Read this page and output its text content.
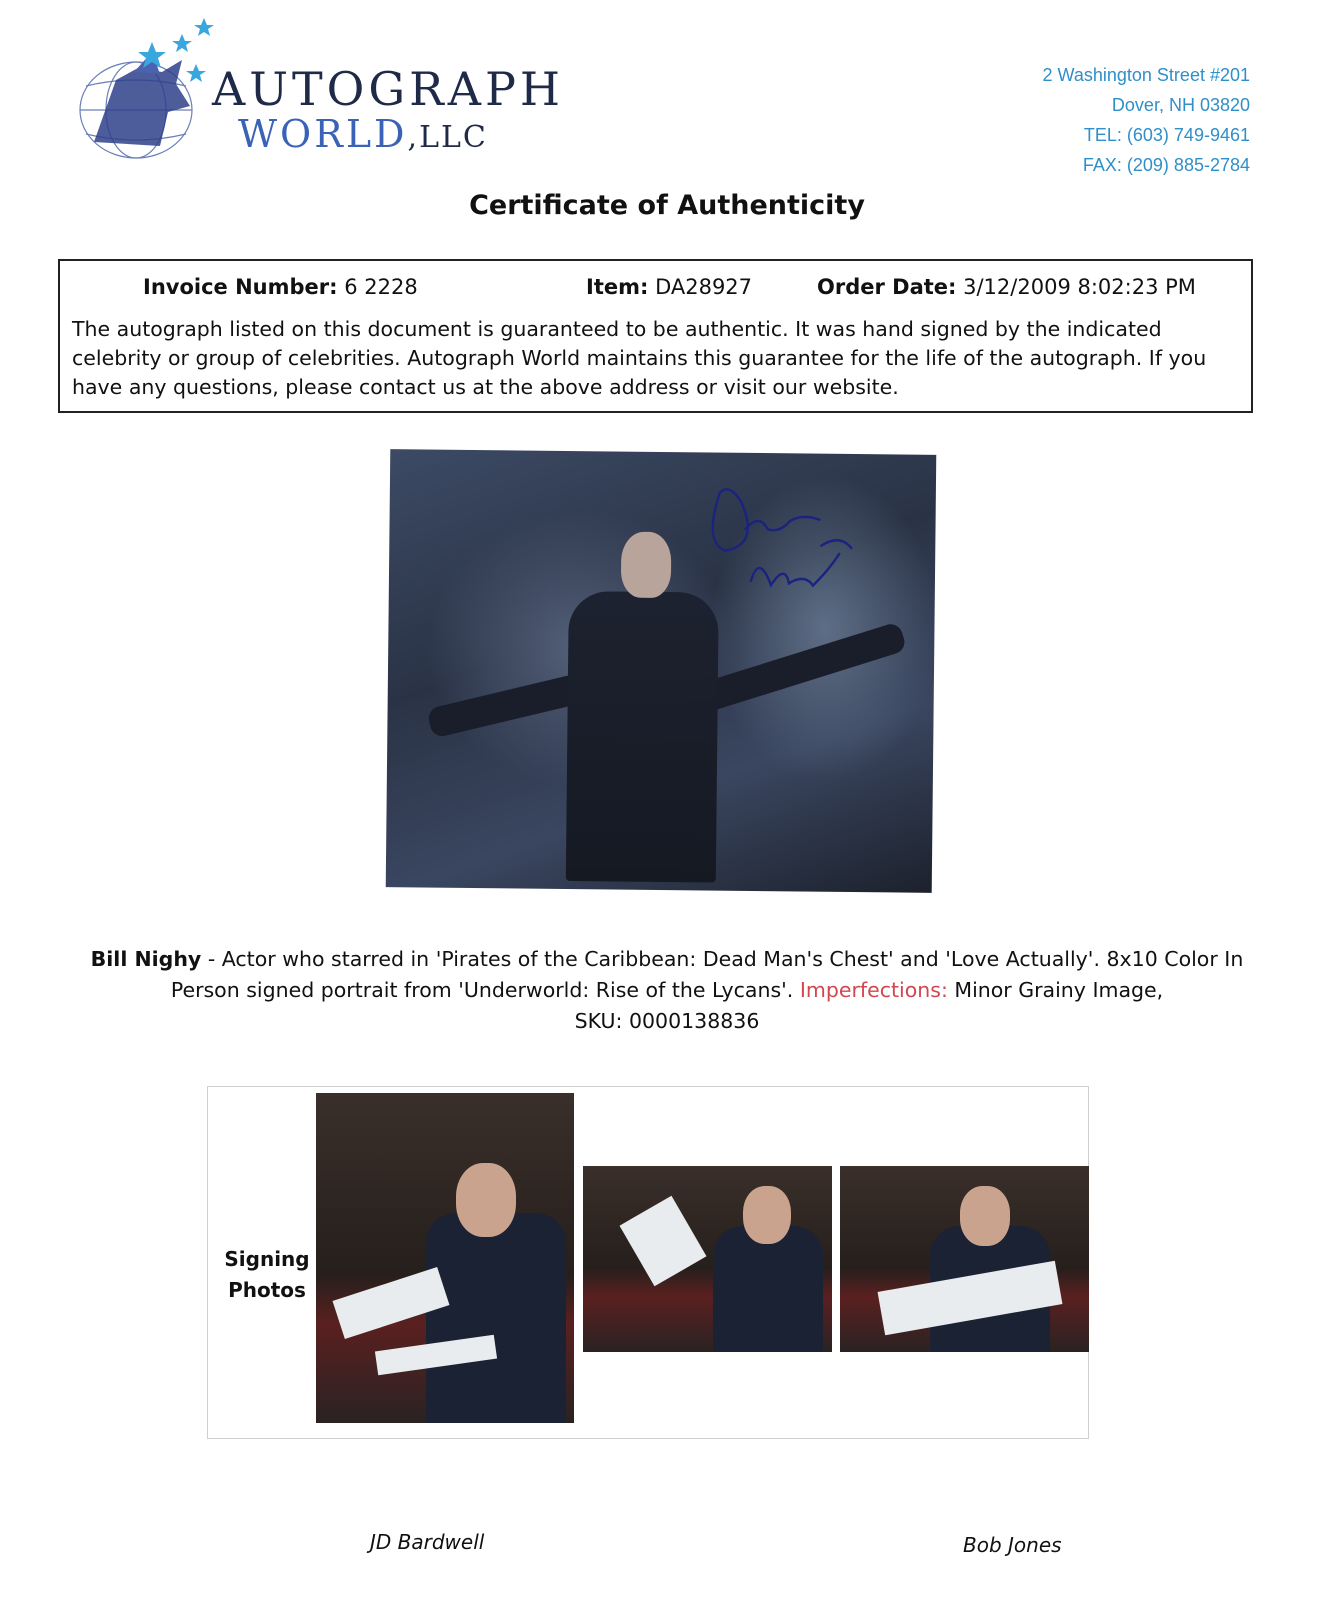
AUTOGRAPH
WORLD,LLC
2 Washington Street #201
Dover, NH 03820
TEL: (603) 749-9461
FAX: (209) 885-2784
Certificate of Authenticity
Invoice Number: 6 2228	Item: DA28927	Order Date: 3/12/2009 8:02:23 PM
The autograph listed on this document is guaranteed to be authentic. It was hand signed by the indicated celebrity or group of celebrities. Autograph World maintains this guarantee for the life of the autograph. If you have any questions, please contact us at the above address or visit our website.
Bill Nighy - Actor who starred in 'Pirates of the Caribbean: Dead Man's Chest' and 'Love Actually'. 8x10 Color In Person signed portrait from 'Underworld: Rise of the Lycans'. Imperfections: Minor Grainy Image,
SKU: 0000138836
Signing Photos
JD Bardwell	Bob Jones
